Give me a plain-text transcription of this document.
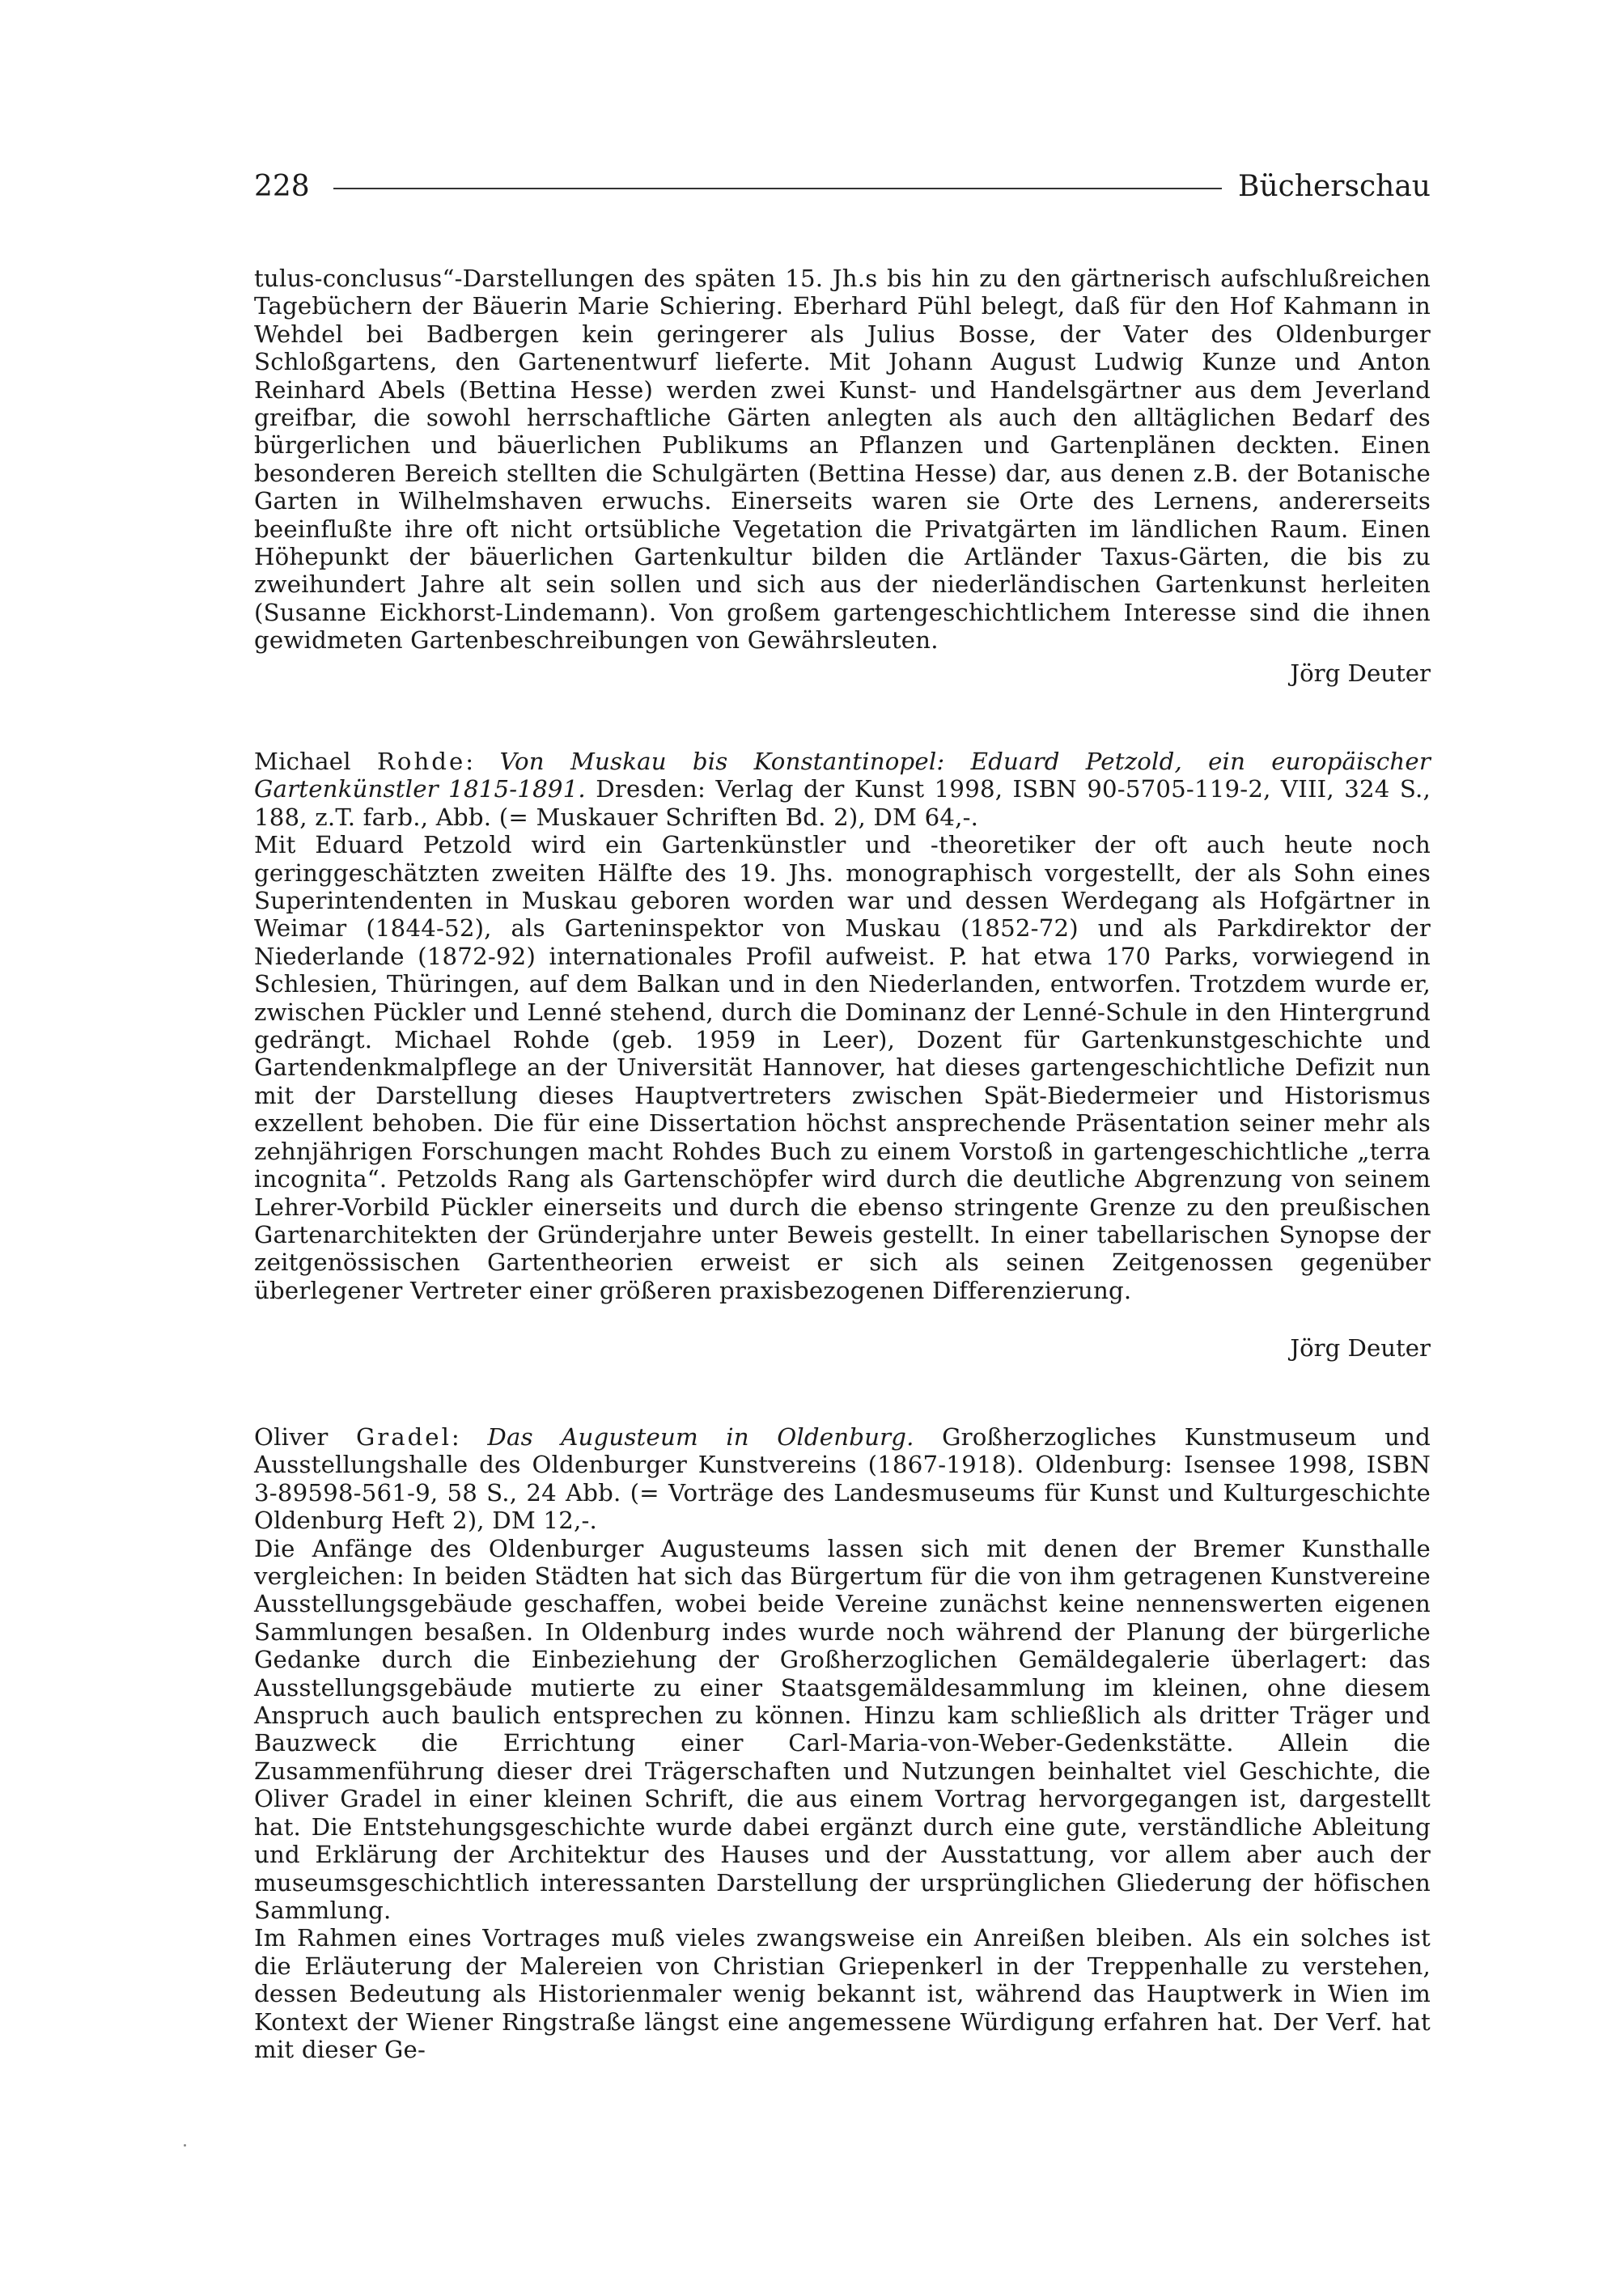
228	Bücherschau

tulus-conclusus“-Darstellungen des späten 15. Jh.s bis hin zu den gärtnerisch aufschlußreichen Tagebüchern der Bäuerin Marie Schiering. Eberhard Pühl belegt, daß für den Hof Kahmann in Wehdel bei Badbergen kein geringerer als Julius Bosse, der Vater des Oldenburger Schloßgartens, den Gartenentwurf lieferte. Mit Johann August Ludwig Kunze und Anton Reinhard Abels (Bettina Hesse) werden zwei Kunst- und Handelsgärtner aus dem Jeverland greifbar, die sowohl herrschaftliche Gärten anlegten als auch den alltäglichen Bedarf des bürgerlichen und bäuerlichen Publikums an Pflanzen und Gartenplänen deckten. Einen besonderen Bereich stellten die Schulgärten (Bettina Hesse) dar, aus denen z.B. der Botanische Garten in Wilhelmshaven erwuchs. Einerseits waren sie Orte des Lernens, andererseits beeinflußte ihre oft nicht ortsübliche Vegetation die Privatgärten im ländlichen Raum. Einen Höhepunkt der bäuerlichen Gartenkultur bilden die Artländer Taxus-Gärten, die bis zu zweihundert Jahre alt sein sollen und sich aus der niederländischen Gartenkunst herleiten (Susanne Eickhorst-Lindemann). Von großem gartengeschichtlichem Interesse sind die ihnen gewidmeten Gartenbeschreibungen von Gewährsleuten.

Jörg Deuter

Michael Rohde: Von Muskau bis Konstantinopel: Eduard Petzold, ein europäischer Gartenkünstler 1815-1891. Dresden: Verlag der Kunst 1998, ISBN 90-5705-119-2, VIII, 324 S., 188, z.T. farb., Abb. (= Muskauer Schriften Bd. 2), DM 64,-.

Mit Eduard Petzold wird ein Gartenkünstler und -theoretiker der oft auch heute noch geringgeschätzten zweiten Hälfte des 19. Jhs. monographisch vorgestellt, der als Sohn eines Superintendenten in Muskau geboren worden war und dessen Werdegang als Hofgärtner in Weimar (1844-52), als Garteninspektor von Muskau (1852-72) und als Parkdirektor der Niederlande (1872-92) internationales Profil aufweist. P. hat etwa 170 Parks, vorwiegend in Schlesien, Thüringen, auf dem Balkan und in den Niederlanden, entworfen. Trotzdem wurde er, zwischen Pückler und Lenné stehend, durch die Dominanz der Lenné-Schule in den Hintergrund gedrängt. Michael Rohde (geb. 1959 in Leer), Dozent für Gartenkunstgeschichte und Gartendenkmalpflege an der Universität Hannover, hat dieses gartengeschichtliche Defizit nun mit der Darstellung dieses Hauptvertreters zwischen Spät-Biedermeier und Historismus exzellent behoben. Die für eine Dissertation höchst ansprechende Präsentation seiner mehr als zehnjährigen Forschungen macht Rohdes Buch zu einem Vorstoß in gartengeschichtliche „terra incognita“. Petzolds Rang als Gartenschöpfer wird durch die deutliche Abgrenzung von seinem Lehrer-Vorbild Pückler einerseits und durch die ebenso stringente Grenze zu den preußischen Gartenarchitekten der Gründerjahre unter Beweis gestellt. In einer tabellarischen Synopse der zeitgenössischen Gartentheorien erweist er sich als seinen Zeitgenossen gegenüber überlegener Vertreter einer größeren praxisbezogenen Differenzierung.

Jörg Deuter

Oliver Gradel: Das Augusteum in Oldenburg. Großherzogliches Kunstmuseum und Ausstellungshalle des Oldenburger Kunstvereins (1867-1918). Oldenburg: Isensee 1998, ISBN 3-89598-561-9, 58 S., 24 Abb. (= Vorträge des Landesmuseums für Kunst und Kulturgeschichte Oldenburg Heft 2), DM 12,-.

Die Anfänge des Oldenburger Augusteums lassen sich mit denen der Bremer Kunsthalle vergleichen: In beiden Städten hat sich das Bürgertum für die von ihm getragenen Kunstvereine Ausstellungsgebäude geschaffen, wobei beide Vereine zunächst keine nennenswerten eigenen Sammlungen besaßen. In Oldenburg indes wurde noch während der Planung der bürgerliche Gedanke durch die Einbeziehung der Großherzoglichen Gemäldegalerie überlagert: das Ausstellungsgebäude mutierte zu einer Staatsgemäldesammlung im kleinen, ohne diesem Anspruch auch baulich entsprechen zu können. Hinzu kam schließlich als dritter Träger und Bauzweck die Errichtung einer Carl-Maria-von-Weber-Gedenkstätte. Allein die Zusammenführung dieser drei Trägerschaften und Nutzungen beinhaltet viel Geschichte, die Oliver Gradel in einer kleinen Schrift, die aus einem Vortrag hervorgegangen ist, dargestellt hat. Die Entstehungsgeschichte wurde dabei ergänzt durch eine gute, verständliche Ableitung und Erklärung der Architektur des Hauses und der Ausstattung, vor allem aber auch der museumsgeschichtlich interessanten Darstellung der ursprünglichen Gliederung der höfischen Sammlung.

Im Rahmen eines Vortrages muß vieles zwangsweise ein Anreißen bleiben. Als ein solches ist die Erläuterung der Malereien von Christian Griepenkerl in der Treppenhalle zu verstehen, dessen Bedeutung als Historienmaler wenig bekannt ist, während das Hauptwerk in Wien im Kontext der Wiener Ringstraße längst eine angemessene Würdigung erfahren hat. Der Verf. hat mit dieser Ge-
